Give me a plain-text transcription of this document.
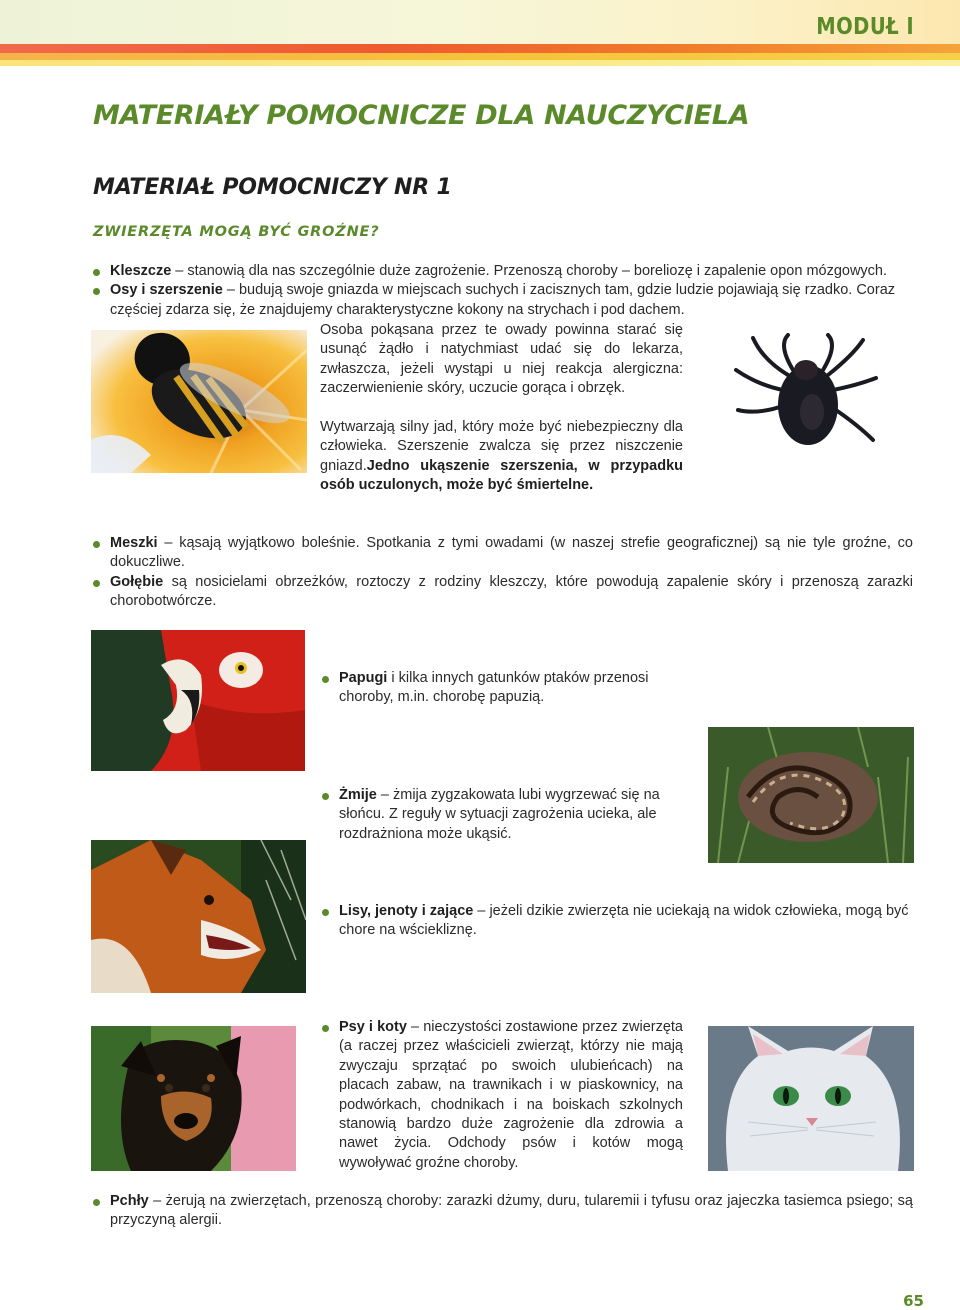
MODUŁ I
MATERIAŁY POMOCNICZE DLA NAUCZYCIELA
MATERIAŁ POMOCNICZY NR 1
ZWIERZĘTA MOGĄ BYĆ GROŹNE?
Kleszcze – stanowią dla nas szczególnie duże zagrożenie. Przenoszą choroby – boreliozę i zapalenie opon mózgowych.
Osy i szerszenie – budują swoje gniazda w miejscach suchych i zacisznych tam, gdzie ludzie pojawiają się rzadko. Coraz częściej zdarza się, że znajdujemy charakterystyczne kokony na strychach i pod dachem.
Osoba pokąsana przez te owady powinna starać się usunąć żądło i natychmiast udać się do lekarza, zwłaszcza, jeżeli wystąpi u niej reakcja alergiczna: zaczerwienienie skóry, uczucie gorąca i obrzęk.
Wytwarzają silny jad, który może być niebezpieczny dla człowieka. Szerszenie zwalcza się przez niszczenie gniazd.Jedno ukąszenie szerszenia, w przypadku osób uczulonych, może być śmiertelne.
Meszki – kąsają wyjątkowo boleśnie. Spotkania z tymi owadami (w naszej strefie geograficznej) są nie tyle groźne, co dokuczliwe.
Gołębie są nosicielami obrzeżków, roztoczy z rodziny kleszczy, które powodują zapalenie skóry i przenoszą zarazki chorobotwórcze.
Papugi i kilka innych gatunków ptaków przenosi choroby, m.in. chorobę papuzią.
Żmije – żmija zygzakowata lubi wygrzewać się na słońcu. Z reguły w sytuacji zagrożenia ucieka, ale rozdrażniona może ukąsić.
Lisy, jenoty i zające – jeżeli dzikie zwierzęta nie uciekają na widok człowieka, mogą być chore na wściekliznę.
Psy i koty – nieczystości zostawione przez zwierzęta (a raczej przez właścicieli zwierząt, którzy nie mają zwyczaju sprzątać po swoich ulubieńcach) na placach zabaw, na trawnikach i w piaskownicy, na podwórkach, chodnikach i na boiskach szkolnych stanowią bardzo duże zagrożenie dla zdrowia a nawet życia. Odchody psów i kotów mogą wywoływać groźne choroby.
Pchły – żerują na zwierzętach, przenoszą choroby: zarazki dżumy, duru, tularemii i tyfusu oraz jajeczka tasiemca psiego; są przyczyną alergii.
65
